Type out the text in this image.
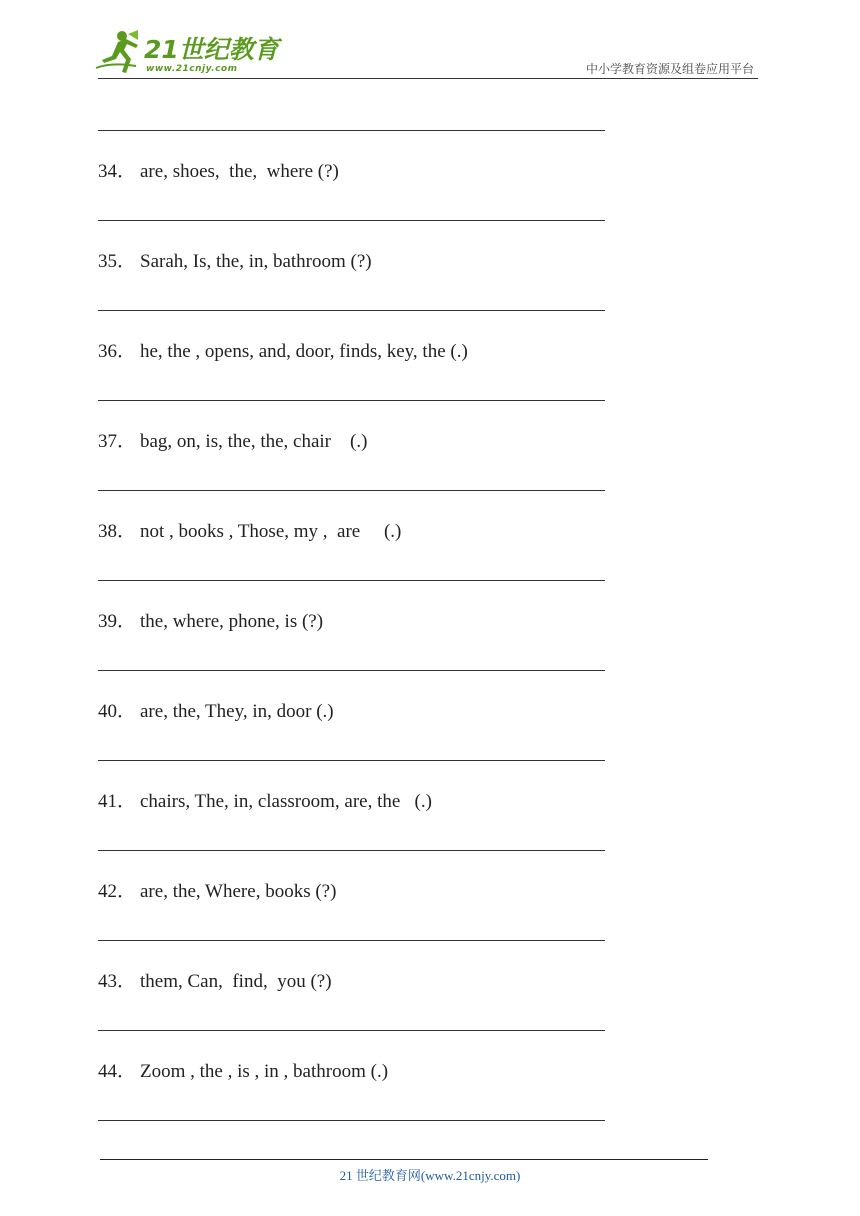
21世纪教育
www.21cnjy.com	中小学教育资源及组卷应用平台
34． are, shoes,  the,  where (?)
35． Sarah, Is, the, in, bathroom (?)
36． he, the , opens, and, door, finds, key, the (.)
37． bag, on, is, the, the, chair    (.)
38． not , books , Those, my ,  are     (.)
39． the, where, phone, is (?)
40． are, the, They, in, door (.)
41． chairs, The, in, classroom, are, the   (.)
42． are, the, Where, books (?)
43． them, Can,  find,  you (?)
44． Zoom , the , is , in , bathroom (.)
21 世纪教育网(www.21cnjy.com)
